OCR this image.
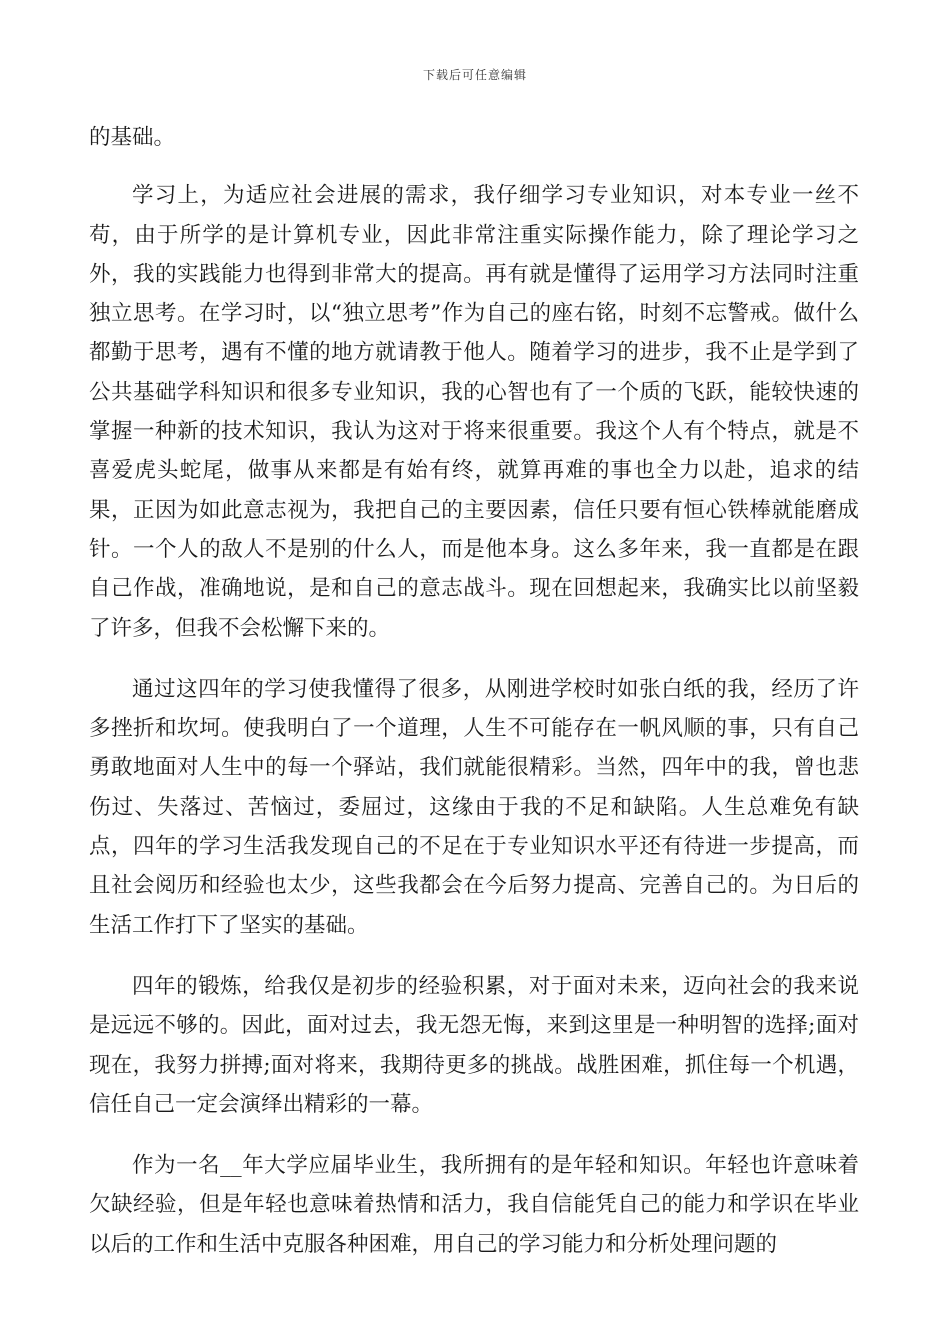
下载后可任意编辑

的基础。

学习上，为适应社会进展的需求，我仔细学习专业知识，对本专业一丝不苟，由于所学的是计算机专业，因此非常注重实际操作能力，除了理论学习之外，我的实践能力也得到非常大的提高。再有就是懂得了运用学习方法同时注重独立思考。在学习时，以“独立思考”作为自己的座右铭，时刻不忘警戒。做什么都勤于思考，遇有不懂的地方就请教于他人。随着学习的进步，我不止是学到了公共基础学科知识和很多专业知识，我的心智也有了一个质的飞跃，能较快速的掌握一种新的技术知识，我认为这对于将来很重要。我这个人有个特点，就是不喜爱虎头蛇尾，做事从来都是有始有终，就算再难的事也全力以赴，追求的结果，正因为如此意志视为，我把自己的主要因素，信任只要有恒心铁棒就能磨成针。一个人的敌人不是别的什么人，而是他本身。这么多年来，我一直都是在跟自己作战，准确地说，是和自己的意志战斗。现在回想起来，我确实比以前坚毅了许多，但我不会松懈下来的。

通过这四年的学习使我懂得了很多，从刚进学校时如张白纸的我，经历了许多挫折和坎坷。使我明白了一个道理，人生不可能存在一帆风顺的事，只有自己勇敢地面对人生中的每一个驿站，我们就能很精彩。当然，四年中的我，曾也悲伤过、失落过、苦恼过，委屈过，这缘由于我的不足和缺陷。人生总难免有缺点，四年的学习生活我发现自己的不足在于专业知识水平还有待进一步提高，而且社会阅历和经验也太少，这些我都会在今后努力提高、完善自己的。为日后的生活工作打下了坚实的基础。

四年的锻炼，给我仅是初步的经验积累，对于面对未来，迈向社会的我来说是远远不够的。因此，面对过去，我无怨无悔，来到这里是一种明智的选择;面对现在，我努力拼搏;面对将来，我期待更多的挑战。战胜困难，抓住每一个机遇，信任自己一定会演绎出精彩的一幕。

作为一名__年大学应届毕业生，我所拥有的是年轻和知识。年轻也许意味着欠缺经验，但是年轻也意味着热情和活力，我自信能凭自己的能力和学识在毕业以后的工作和生活中克服各种困难，用自己的学习能力和分析处理问题的
